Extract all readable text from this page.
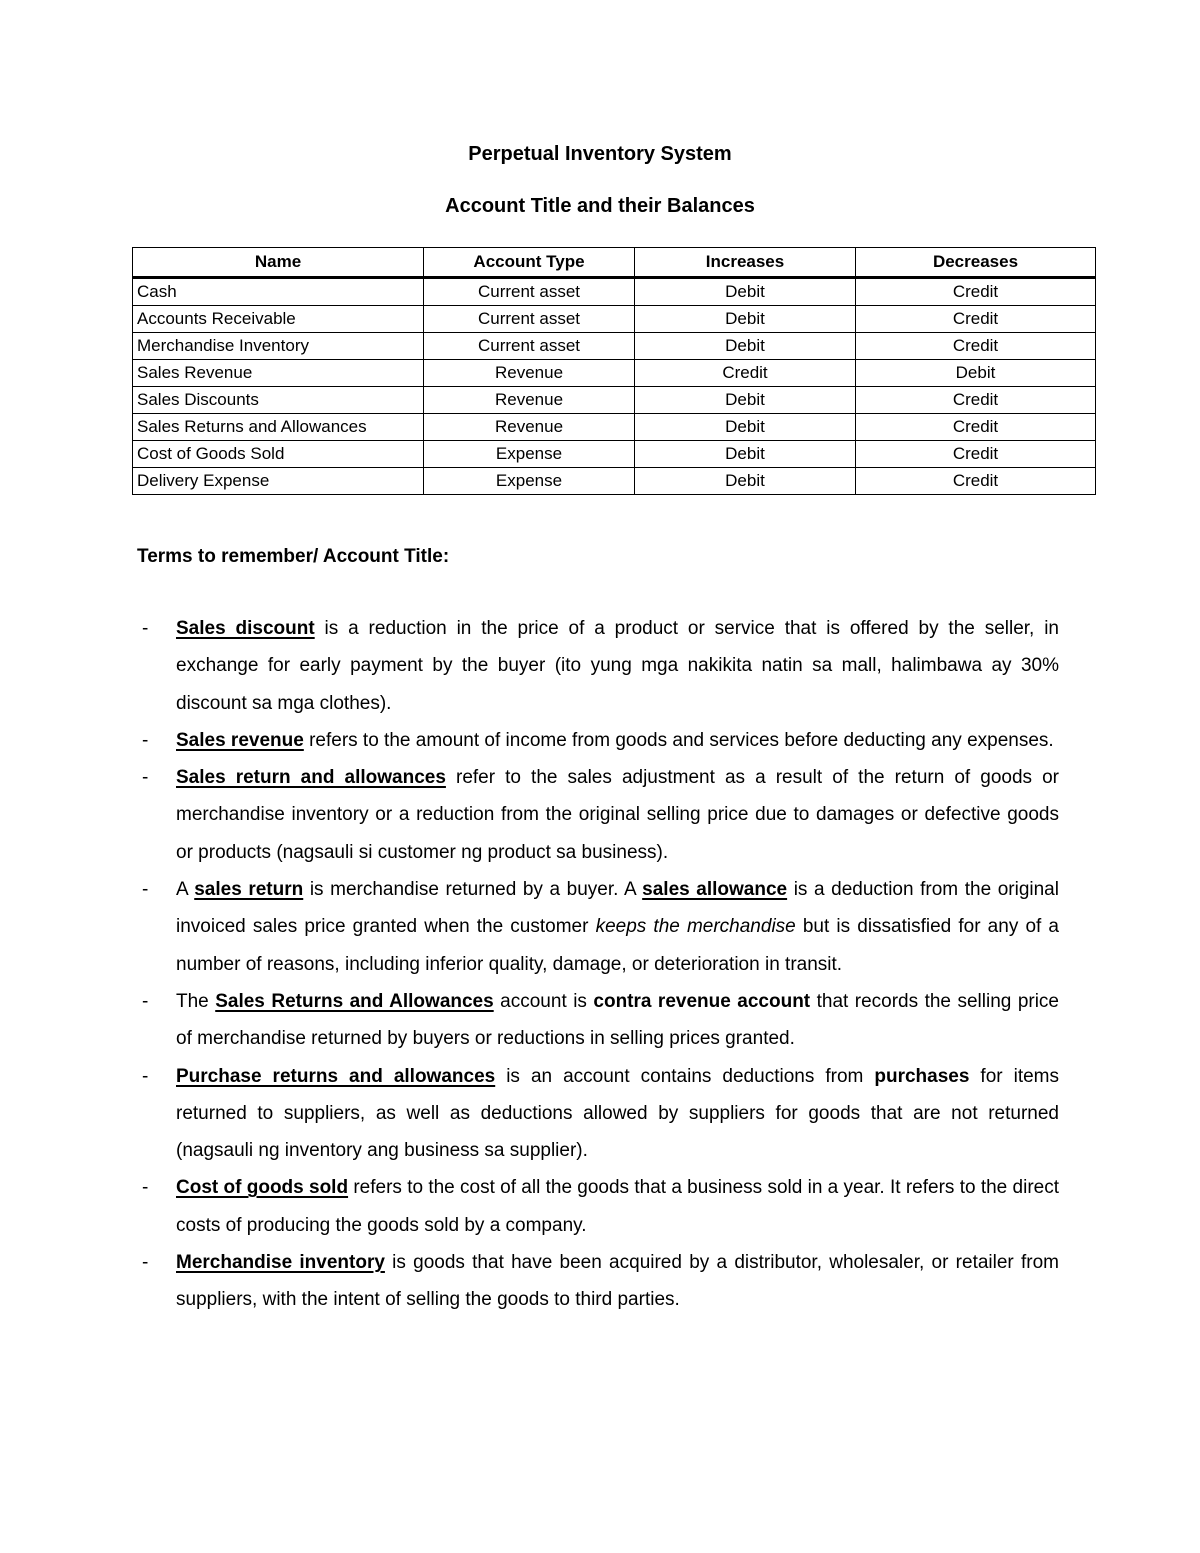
Perpetual Inventory System
Account Title and their Balances
Name	Account Type	Increases	Decreases
Cash	Current asset	Debit	Credit
Accounts Receivable	Current asset	Debit	Credit
Merchandise Inventory	Current asset	Debit	Credit
Sales Revenue	Revenue	Credit	Debit
Sales Discounts	Revenue	Debit	Credit
Sales Returns and Allowances	Revenue	Debit	Credit
Cost of Goods Sold	Expense	Debit	Credit
Delivery Expense	Expense	Debit	Credit
Terms to remember/ Account Title:
- Sales discount is a reduction in the price of a product or service that is offered by the seller, in exchange for early payment by the buyer (ito yung mga nakikita natin sa mall, halimbawa ay 30% discount sa mga clothes).
- Sales revenue refers to the amount of income from goods and services before deducting any expenses.
- Sales return and allowances refer to the sales adjustment as a result of the return of goods or merchandise inventory or a reduction from the original selling price due to damages or defective goods or products (nagsauli si customer ng product sa business).
- A sales return is merchandise returned by a buyer. A sales allowance is a deduction from the original invoiced sales price granted when the customer keeps the merchandise but is dissatisfied for any of a number of reasons, including inferior quality, damage, or deterioration in transit.
- The Sales Returns and Allowances account is contra revenue account that records the selling price of merchandise returned by buyers or reductions in selling prices granted.
- Purchase returns and allowances is an account contains deductions from purchases for items returned to suppliers, as well as deductions allowed by suppliers for goods that are not returned (nagsauli ng inventory ang business sa supplier).
- Cost of goods sold refers to the cost of all the goods that a business sold in a year. It refers to the direct costs of producing the goods sold by a company.
- Merchandise inventory is goods that have been acquired by a distributor, wholesaler, or retailer from suppliers, with the intent of selling the goods to third parties.
